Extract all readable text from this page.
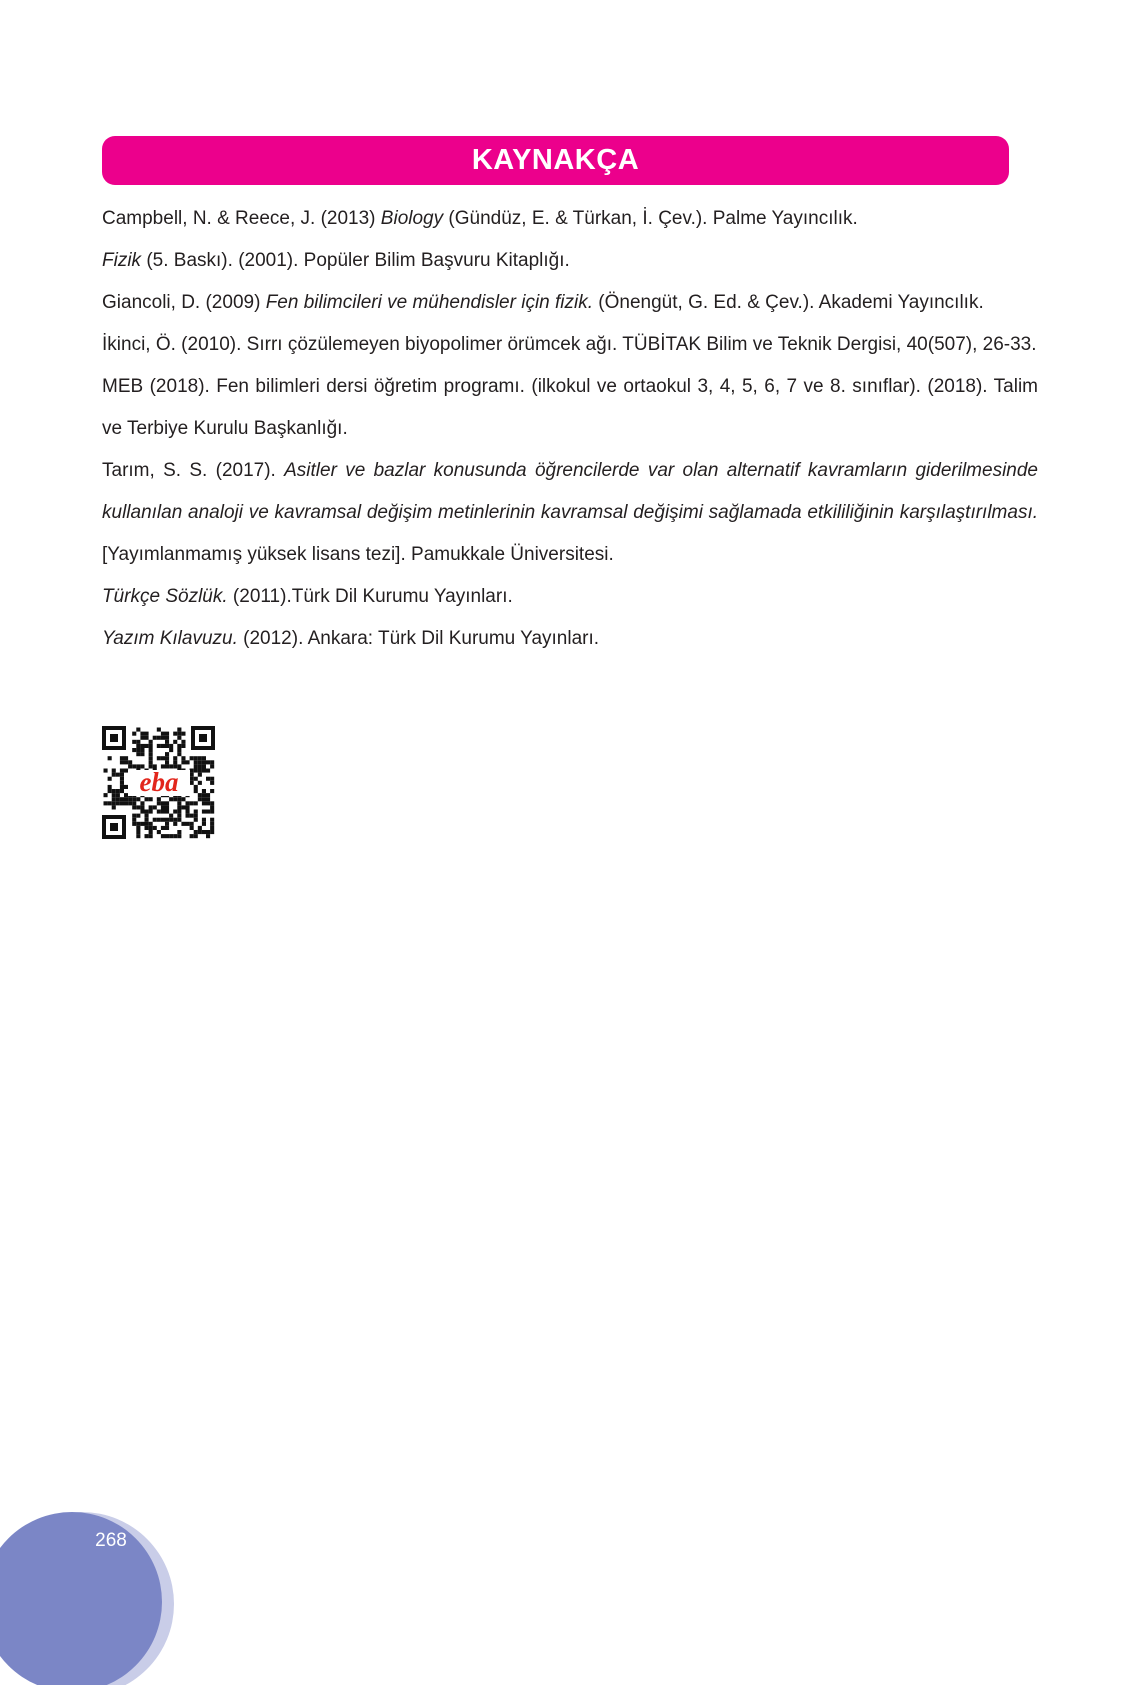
KAYNAKÇA

Campbell, N. & Reece, J. (2013) Biology (Gündüz, E. & Türkan, İ. Çev.). Palme Yayıncılık.

Fizik (5. Baskı). (2001). Popüler Bilim Başvuru Kitaplığı.

Giancoli, D. (2009) Fen bilimcileri ve mühendisler için fizik. (Önengüt, G. Ed. & Çev.). Akademi Yayıncılık.

İkinci, Ö. (2010). Sırrı çözülemeyen biyopolimer örümcek ağı. TÜBİTAK Bilim ve Teknik Dergisi, 40(507), 26-33.

MEB (2018). Fen bilimleri dersi öğretim programı. (ilkokul ve ortaokul 3, 4, 5, 6, 7 ve 8. sınıflar). (2018). Talim ve Terbiye Kurulu Başkanlığı.

Tarım, S. S. (2017). Asitler ve bazlar konusunda öğrencilerde var olan alternatif kavramların giderilmesinde kullanılan analoji ve kavramsal değişim metinlerinin kavramsal değişimi sağlamada etkililiğinin karşılaştırılması. [Yayımlanmamış yüksek lisans tezi]. Pamukkale Üniversitesi.

Türkçe Sözlük. (2011).Türk Dil Kurumu Yayınları.

Yazım Kılavuzu. (2012). Ankara: Türk Dil Kurumu Yayınları.

eba
268
